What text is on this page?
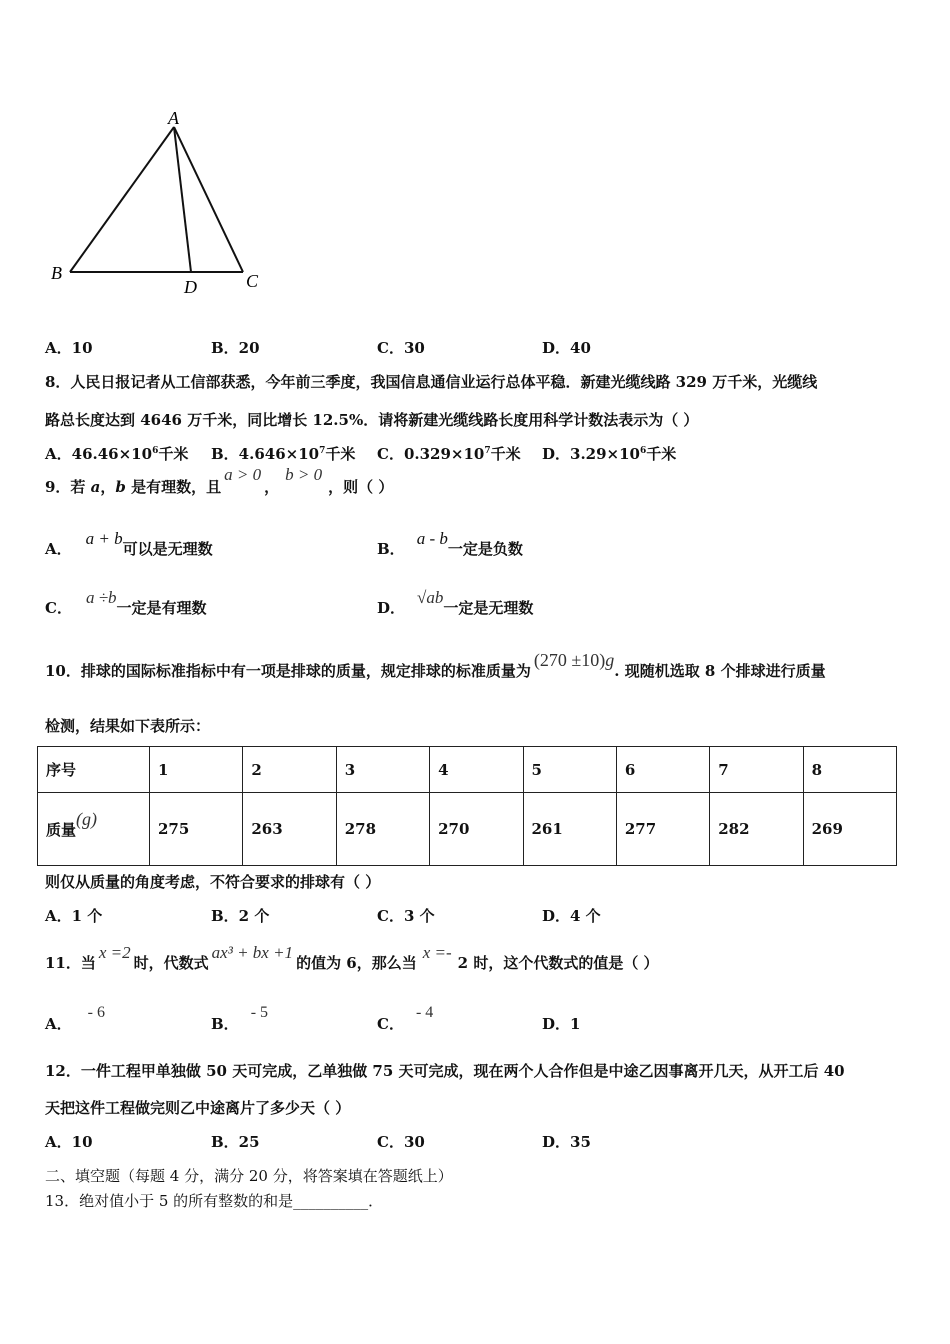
A
B
D	C
A．10	B．20	C．30	D．40
8．人民日报记者从工信部获悉，今年前三季度，我国信息通信业运行总体平稳．新建光缆线路 329 万千米，光缆线
路总长度达到 4646 万千米，同比增长 12.5%．请将新建光缆线路长度用科学计数法表示为（ ）
A．$46.46\times 10^6$千米 B．$4.646\times 10^7$千米 C．$0.329\times 10^7$千米 D．$3.29\times 10^6$千米
9．若 a，b 是有理数，且a > 0，b > 0，则（ ）
A．a + b可以是无理数	B．a - b一定是负数
C．a ÷b一定是有理数	D．√ab一定是无理数
10．排球的国际标准指标中有一项是排球的质量，规定排球的标准质量为(270 ±10)g. 现随机选取 8 个排球进行质量
检测，结果如下表所示：
序号	1	2	3	4	5	6	7	8
质量(g)	275	263	278	270	261	277	282	269
则仅从质量的角度考虑，不符合要求的排球有（ ）
A．1 个	B．2 个	C．3 个	D．4 个
11．当x =2时，代数式ax³ + bx +1的值为 6，那么当x =-2 时，这个代数式的值是（ ）
A．- 6
B．- 5
C．- 4
D．1
12．一件工程甲单独做 50 天可完成，乙单独做 75 天可完成，现在两个人合作但是中途乙因事离开几天，从开工后 40
天把这件工程做完则乙中途离片了多少天（ ）
A．10	B．25	C．30	D．35
二、填空题（每题 4 分，满分 20 分，将答案填在答题纸上）
13．绝对值小于 5 的所有整数的和是__________．
